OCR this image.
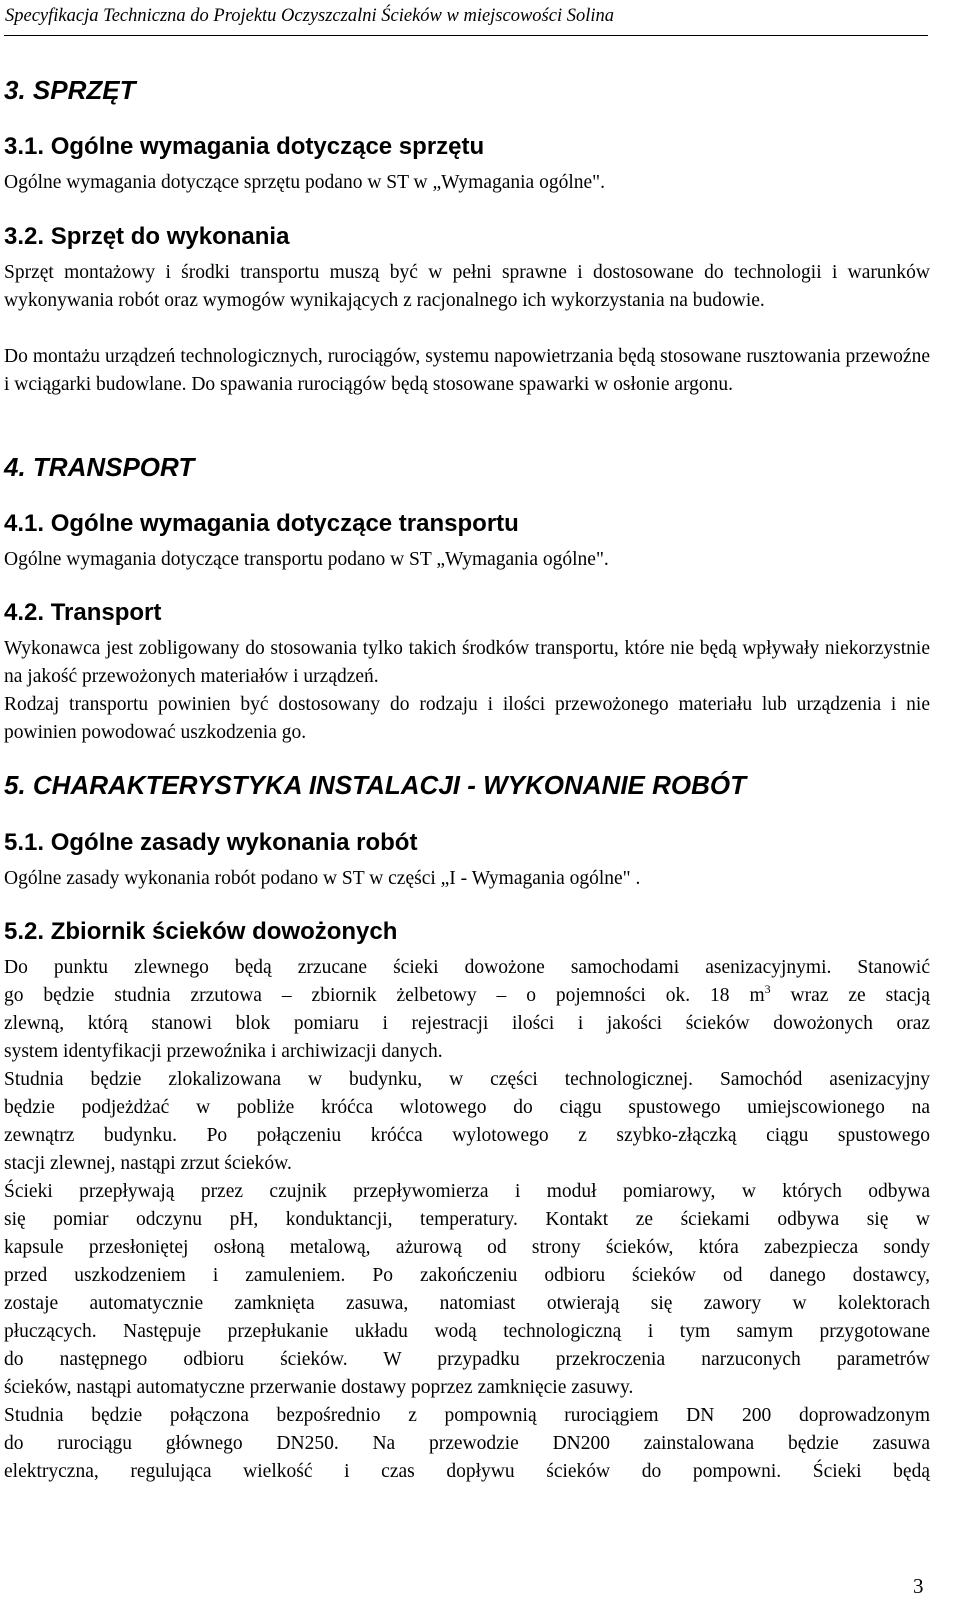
Specyfikacja Techniczna do Projektu Oczyszczalni Ścieków w miejscowości Solina
3. SPRZĘT
3.1. Ogólne wymagania dotyczące sprzętu
Ogólne wymagania dotyczące sprzętu podano w ST w „Wymagania ogólne".
3.2. Sprzęt do wykonania
Sprzęt montażowy i środki transportu muszą być w pełni sprawne i dostosowane do technologii i warunków wykonywania robót oraz wymogów wynikających z racjonalnego ich wykorzystania na budowie.
Do montażu urządzeń technologicznych, rurociągów, systemu napowietrzania będą stosowane rusztowania przewoźne i wciągarki budowlane. Do spawania rurociągów będą stosowane spawarki w osłonie argonu.
4. TRANSPORT
4.1. Ogólne wymagania dotyczące transportu
Ogólne wymagania dotyczące transportu podano w ST „Wymagania ogólne".
4.2. Transport
Wykonawca jest zobligowany do stosowania tylko takich środków transportu, które nie będą wpływały niekorzystnie na jakość przewożonych materiałów i urządzeń.
Rodzaj transportu powinien być dostosowany do rodzaju i ilości przewożonego materiału lub urządzenia i nie powinien powodować uszkodzenia go.
5. CHARAKTERYSTYKA INSTALACJI - WYKONANIE ROBÓT
5.1. Ogólne zasady wykonania robót
Ogólne zasady wykonania robót podano w ST w części „I - Wymagania ogólne" .
5.2. Zbiornik ścieków dowożonych
Do punktu zlewnego będą zrzucane ścieki dowożone samochodami asenizacyjnymi. Stanowić
go będzie studnia zrzutowa – zbiornik żelbetowy – o pojemności ok. 18 $m^3$ wraz ze stacją
zlewną, którą stanowi blok pomiaru i rejestracji ilości i jakości ścieków dowożonych oraz
system identyfikacji przewoźnika i archiwizacji danych.
Studnia będzie zlokalizowana w budynku, w części technologicznej. Samochód asenizacyjny
będzie podjeżdżać w pobliże króćca wlotowego do ciągu spustowego umiejscowionego na
zewnątrz budynku. Po połączeniu króćca wylotowego z szybko-złączką ciągu spustowego
stacji zlewnej, nastąpi zrzut ścieków.
Ścieki przepływają przez czujnik przepływomierza i moduł pomiarowy, w których odbywa
się pomiar odczynu pH, konduktancji, temperatury. Kontakt ze ściekami odbywa się w
kapsule przesłoniętej osłoną metalową, ażurową od strony ścieków, która zabezpiecza sondy
przed uszkodzeniem i zamuleniem. Po zakończeniu odbioru ścieków od danego dostawcy,
zostaje automatycznie zamknięta zasuwa, natomiast otwierają się zawory w kolektorach
płuczących. Następuje przepłukanie układu wodą technologiczną i tym samym przygotowane
do następnego odbioru ścieków. W przypadku przekroczenia narzuconych parametrów
ścieków, nastąpi automatyczne przerwanie dostawy poprzez zamknięcie zasuwy.
Studnia będzie połączona bezpośrednio z pompownią rurociągiem DN 200 doprowadzonym
do rurociągu głównego DN250. Na przewodzie DN200 zainstalowana będzie zasuwa
elektryczna, regulująca wielkość i czas dopływu ścieków do pompowni. Ścieki będą
3
